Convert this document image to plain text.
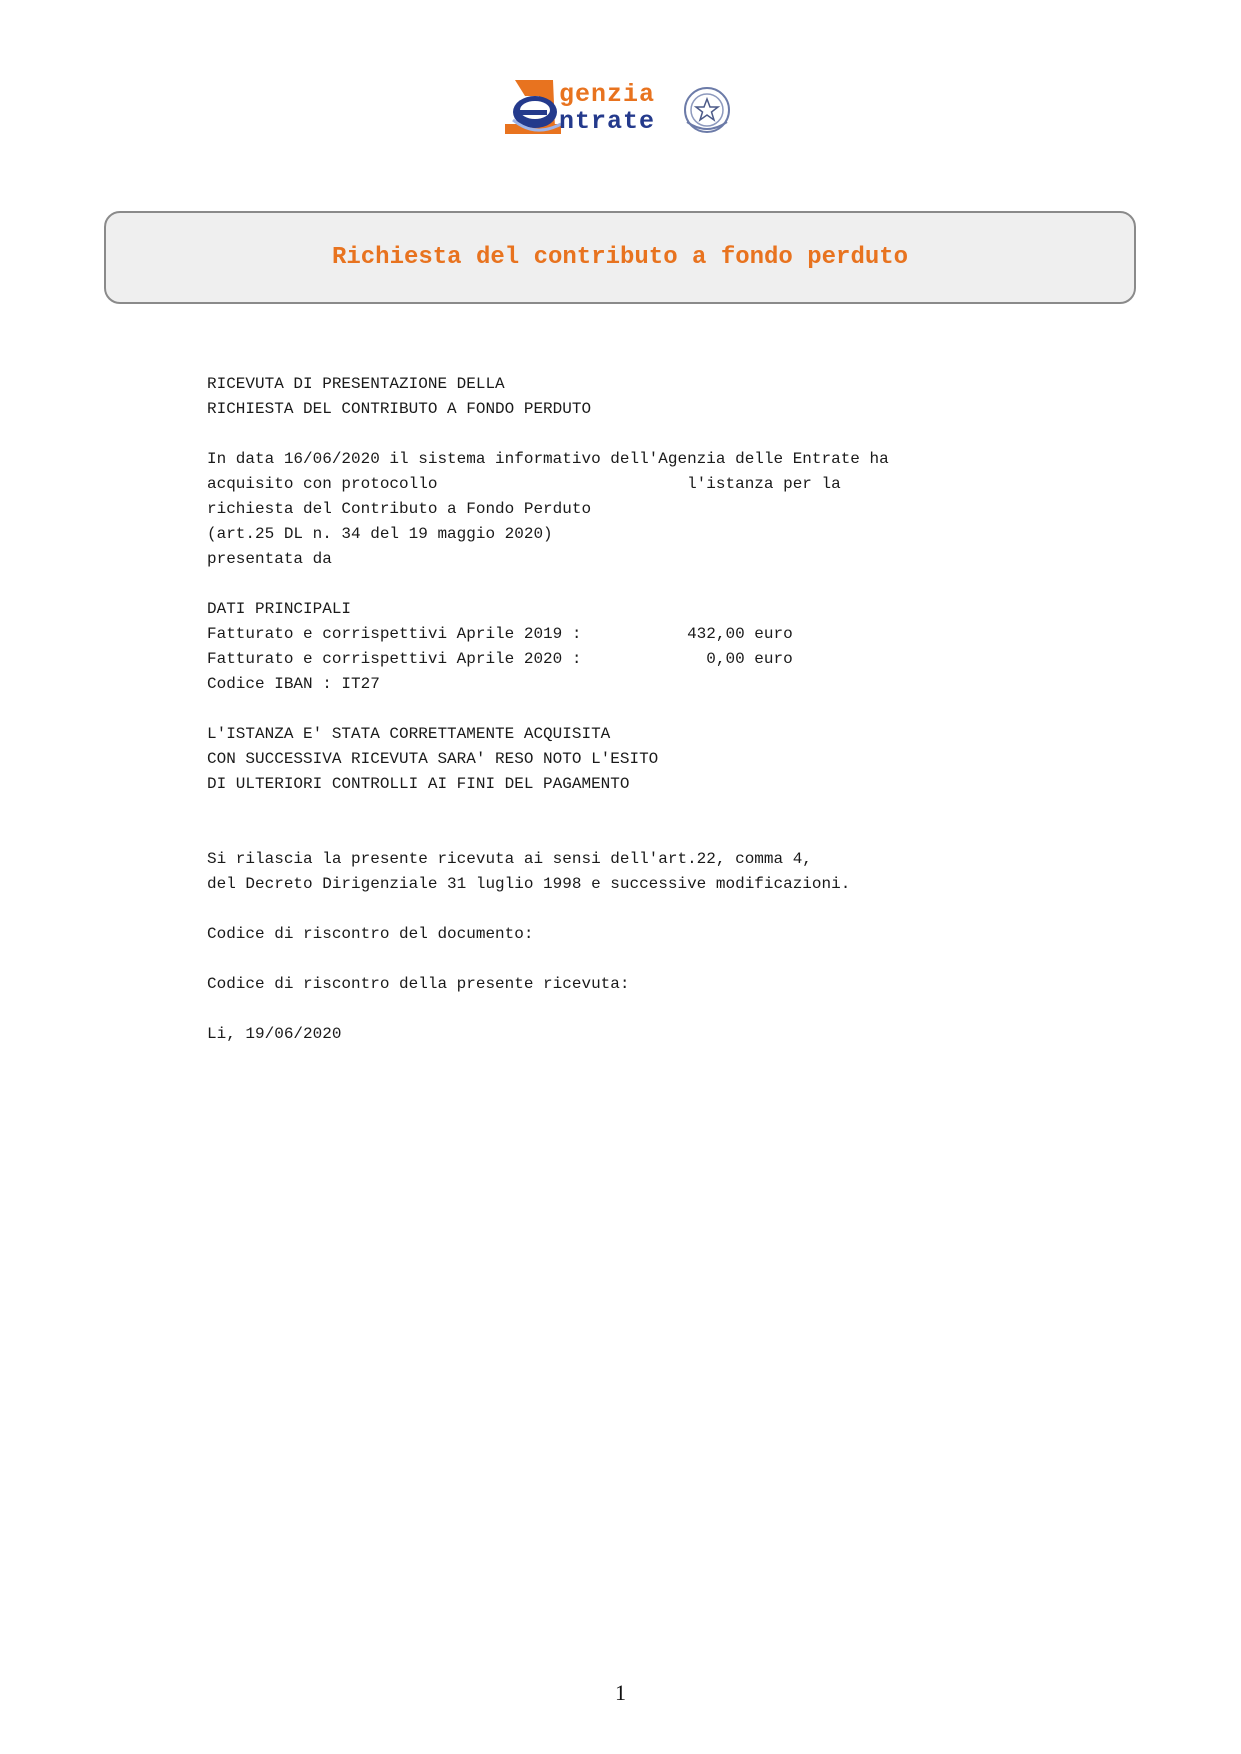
genzia
ntrate
Richiesta del contributo a fondo perduto
RICEVUTA DI PRESENTAZIONE DELLA
RICHIESTA DEL CONTRIBUTO A FONDO PERDUTO
In data 16/06/2020 il sistema informativo dell'Agenzia delle Entrate ha
acquisito con protocollo                          l'istanza per la
richiesta del Contributo a Fondo Perduto
(art.25 DL n. 34 del 19 maggio 2020)
presentata da
DATI PRINCIPALI
Fatturato e corrispettivi Aprile 2019 :           432,00 euro
Fatturato e corrispettivi Aprile 2020 :             0,00 euro
Codice IBAN : IT27
L'ISTANZA E' STATA CORRETTAMENTE ACQUISITA
CON SUCCESSIVA RICEVUTA SARA' RESO NOTO L'ESITO
DI ULTERIORI CONTROLLI AI FINI DEL PAGAMENTO
Si rilascia la presente ricevuta ai sensi dell'art.22, comma 4,
del Decreto Dirigenziale 31 luglio 1998 e successive modificazioni.
Codice di riscontro del documento:
Codice di riscontro della presente ricevuta:
Li, 19/06/2020
1
